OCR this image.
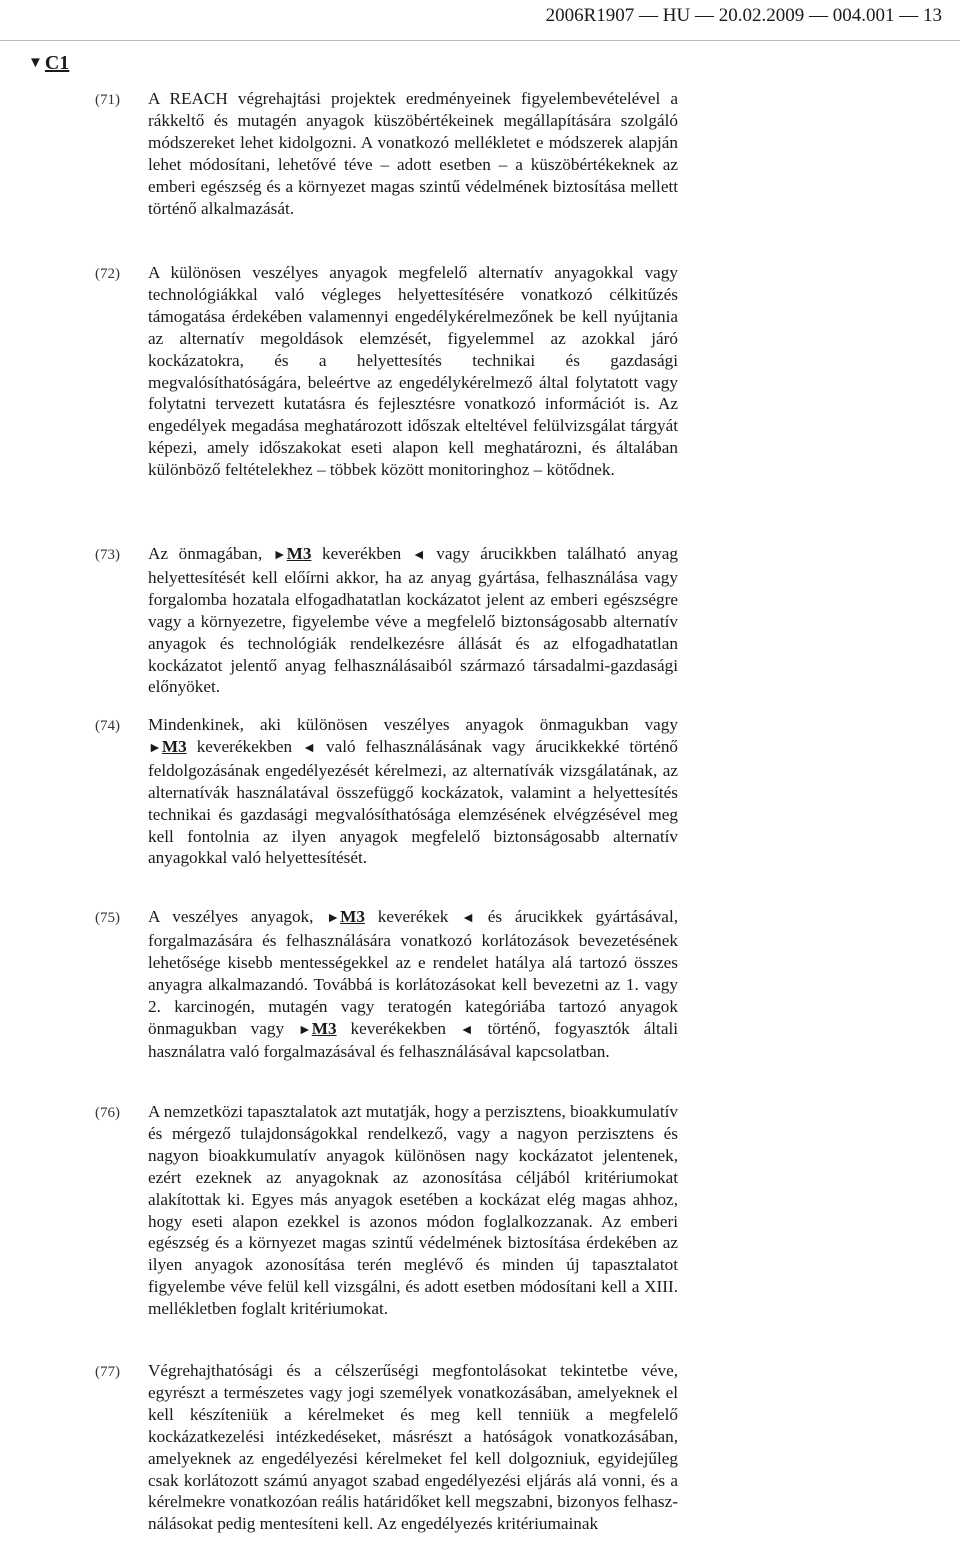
2006R1907 — HU — 20.02.2009 — 004.001 — 13
▼ C1
(71) A REACH végrehajtási projektek eredményeinek figyelembevételével a rákkeltő és mutagén anyagok küszöbértékeinek megállapítására szolgáló módszereket lehet kidolgozni. A vonatkozó mellékletet e módszerek alapján lehet módosítani, lehetővé téve – adott esetben – a küszöbértékeknek az emberi egészség és a környezet magas szintű védelmének biztosítása mellett történő alkalmazását.
(72) A különösen veszélyes anyagok megfelelő alternatív anyagokkal vagy technológiákkal való végleges helyettesítésére vonatkozó célkitűzés támogatása érdekében valamennyi engedélykérelmezőnek be kell nyújtania az alternatív megoldások elemzését, figyelemmel az azokkal járó kockázatokra, és a helyettesítés technikai és gazdasági megvalósíthatóságára, beleértve az engedélykérelmező által folytatott vagy folytatni tervezett kutatásra és fejlesztésre vonatkozó információt is. Az engedélyek megadása meghatározott időszak elteltével felülvizsgálat tárgyát képezi, amely időszakokat eseti alapon kell meghatározni, és általában különböző feltételekhez – többek között monitoringhoz – kötődnek.
(73) Az önmagában, ►M3 keverékben ◄ vagy árucikkben található anyag helyettesítését kell előírni akkor, ha az anyag gyártása, felhasználása vagy forgalomba hozatala elfogadhatatlan kockázatot jelent az emberi egészségre vagy a környezetre, figyelembe véve a megfelelő biztonságosabb alternatív anyagok és technológiák rendelkezésre állását és az elfogadhatatlan kockázatot jelentő anyag felhasználásaiból származó társadalmi-gazdasági előnyöket.
(74) Mindenkinek, aki különösen veszélyes anyagok önmagukban vagy ►M3 keverékekben ◄ való felhasználásának vagy árucikkekké történő feldolgozásának engedélyezését kérelmezi, az alternatívák vizsgálatának, az alternatívák használatával összefüggő kockázatok, valamint a helyettesítés technikai és gazdasági megvalósíthatósága elemzésének elvégzésével meg kell fontolnia az ilyen anyagok megfelelő biztonságosabb alternatív anyagokkal való helyettesítését.
(75) A veszélyes anyagok, ►M3 keverékek ◄ és árucikkek gyártásával, forgalmazására és felhasználására vonatkozó korlátozások bevezetésének lehetősége kisebb mentességekkel az e rendelet hatálya alá tartozó összes anyagra alkalmazandó. Továbbá is korlátozásokat kell bevezetni az 1. vagy 2. karcinogén, mutagén vagy teratogén kategóriába tartozó anyagok önmagukban vagy ►M3 keverékekben ◄ történő, fogyasztók általi használatra való forgalmazásával és felhasználásával kapcsolatban.
(76) A nemzetközi tapasztalatok azt mutatják, hogy a perzisztens, bioakkumulatív és mérgező tulajdonságokkal rendelkező, vagy a nagyon perzisztens és nagyon bioakkumulatív anyagok különösen nagy kockázatot jelentenek, ezért ezeknek az anyagoknak az azonosítása céljából kritériumokat alakítottak ki. Egyes más anyagok esetében a kockázat elég magas ahhoz, hogy eseti alapon ezekkel is azonos módon foglalkozzanak. Az emberi egészség és a környezet magas szintű védelmének biztosítása érdekében az ilyen anyagok azonosítása terén meglévő és minden új tapasztalatot figyelembe véve felül kell vizsgálni, és adott esetben módosítani kell a XIII. mellékletben foglalt kritériumokat.
(77) Végrehajthatósági és a célszerűségi megfontolásokat tekintetbe véve, egyrészt a természetes vagy jogi személyek vonatkozásában, amelyeknek el kell készíteniük a kérelmeket és meg kell tenniük a megfelelő kockázatkezelési intézkedéseket, másrészt a hatóságok vonatkozásában, amelyeknek az engedélyezési kérelmeket fel kell dolgozniuk, egyidejűleg csak korlátozott számú anyagot szabad engedélyezési eljárás alá vonni, és a kérelmekre vonatkozóan reális határidőket kell megszabni, bizonyos felhasználásokat pedig mentesíteni kell. Az engedélyezés kritériumainak
